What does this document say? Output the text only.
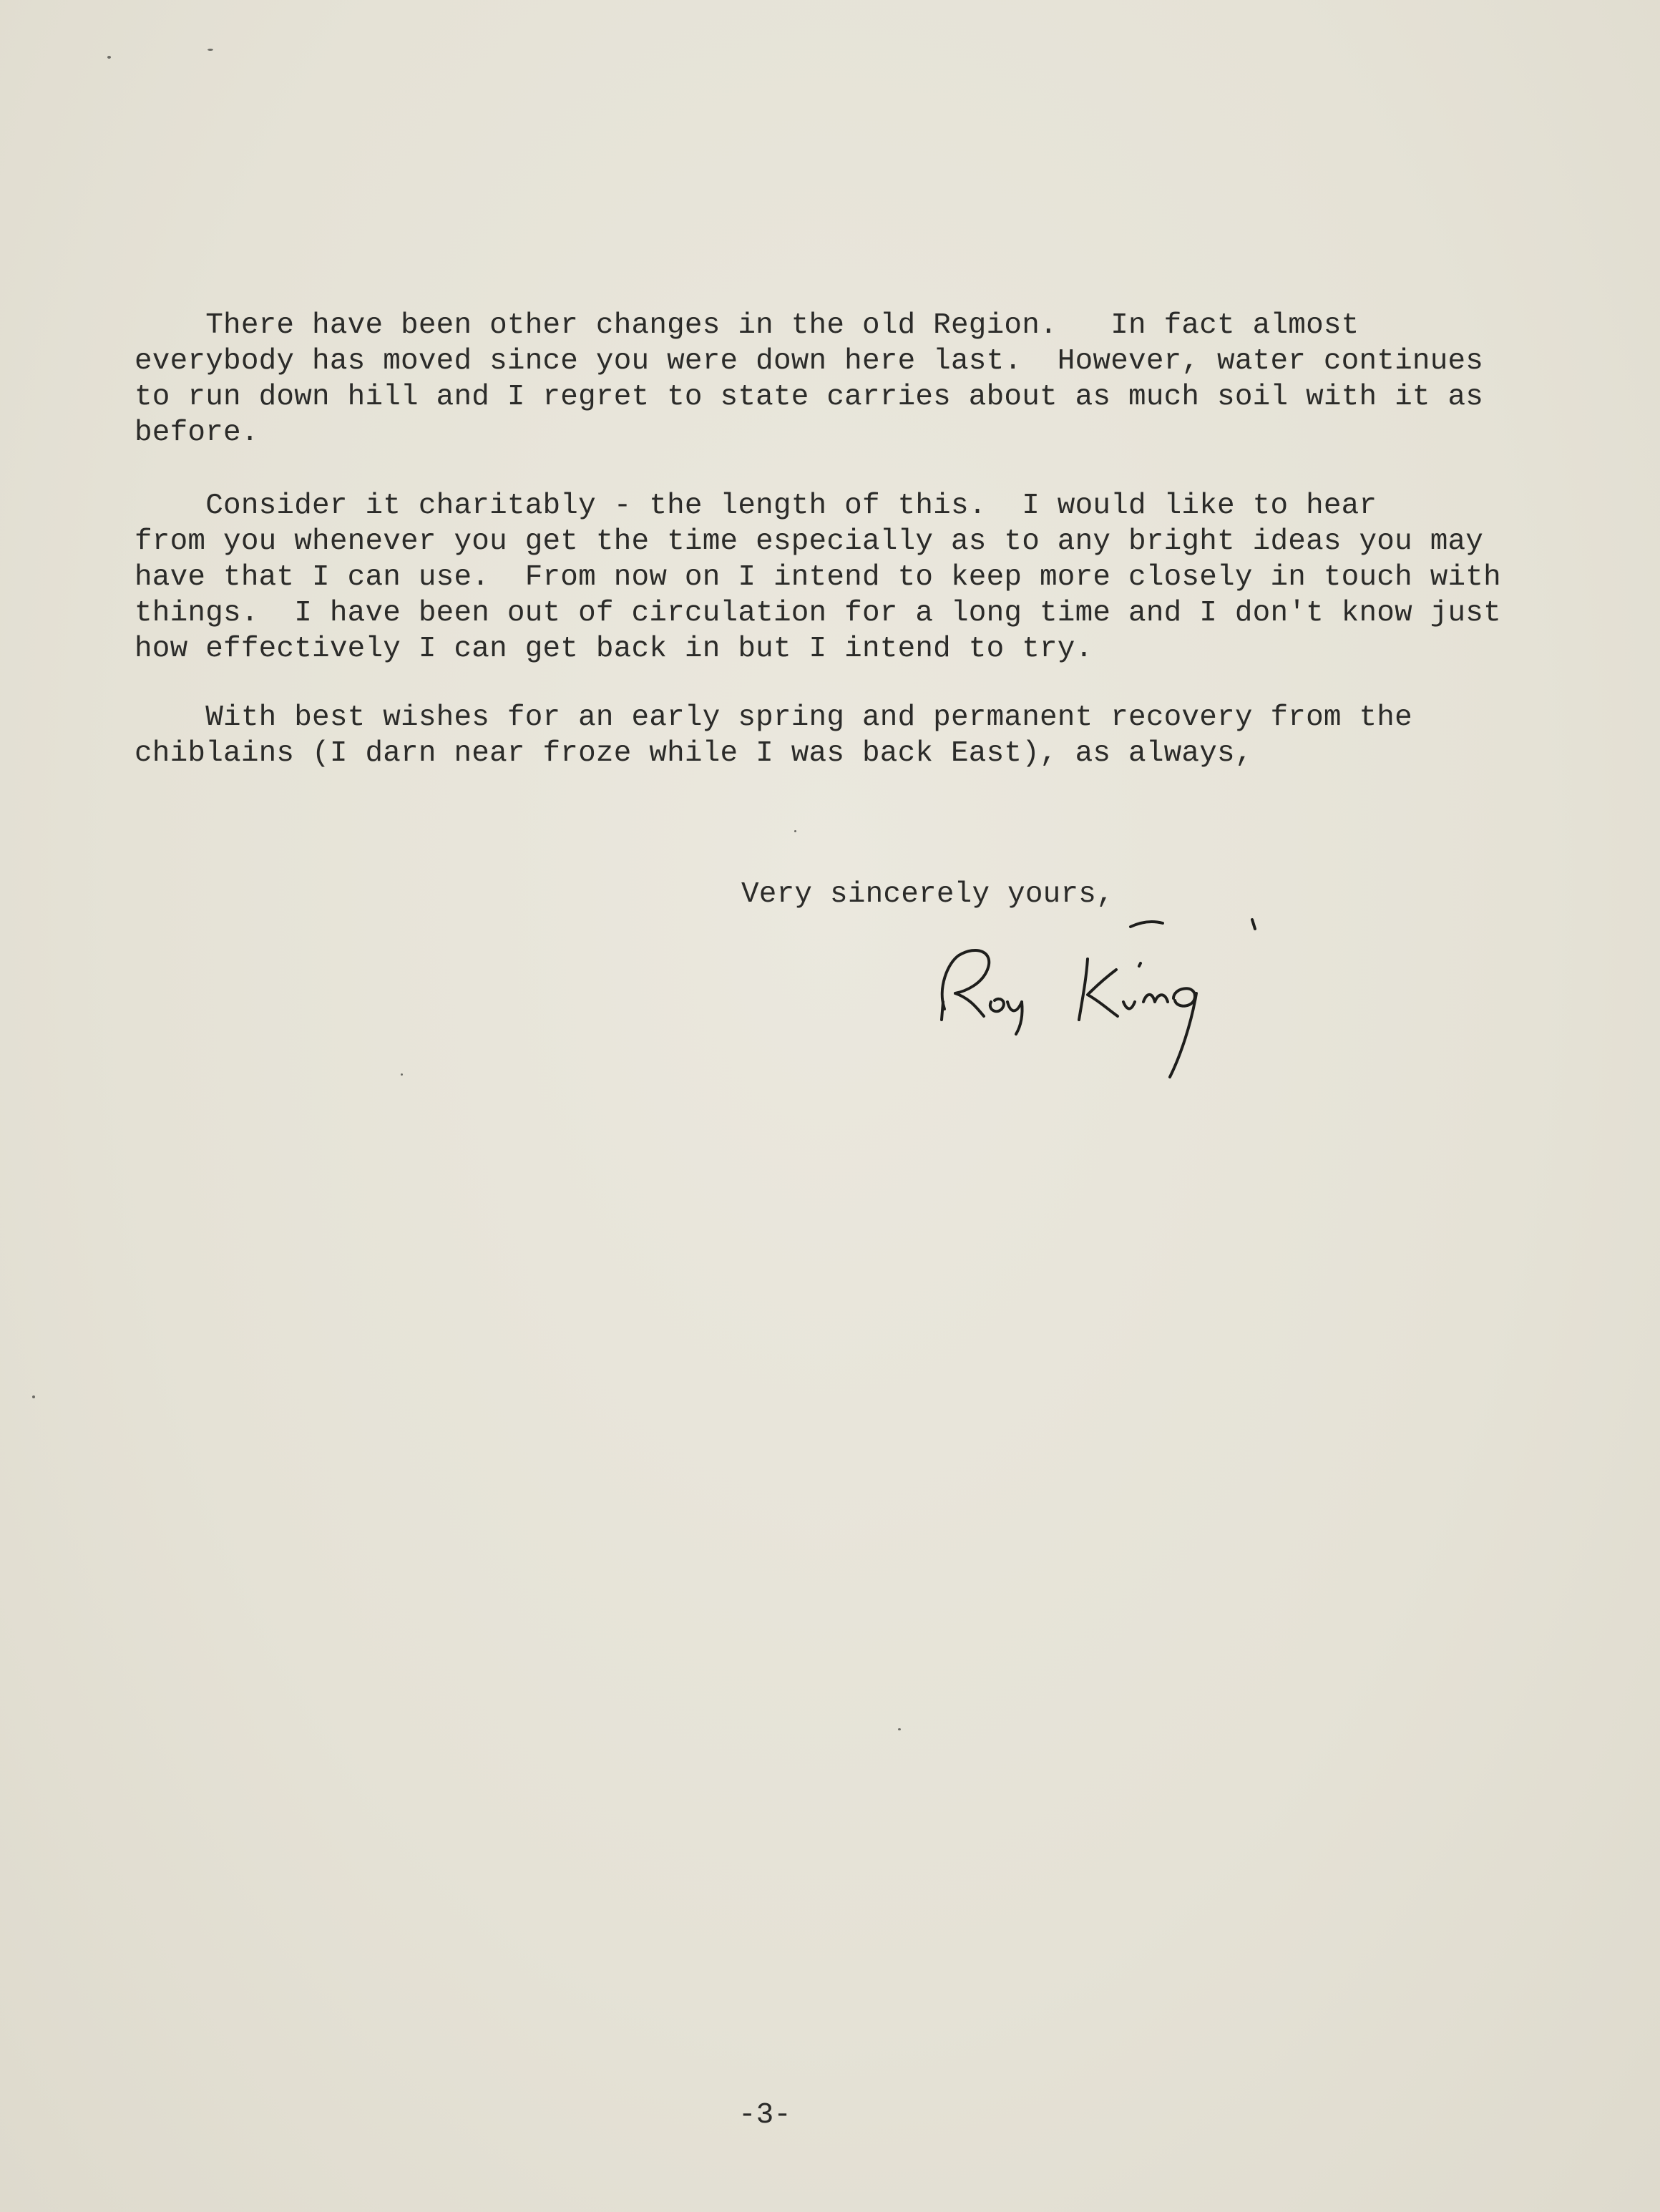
There have been other changes in the old Region.   In fact almost
everybody has moved since you were down here last.  However, water continues
to run down hill and I regret to state carries about as much soil with it as
before.

Consider it charitably - the length of this.  I would like to hear
from you whenever you get the time especially as to any bright ideas you may
have that I can use.  From now on I intend to keep more closely in touch with
things.  I have been out of circulation for a long time and I don't know just
how effectively I can get back in but I intend to try.

With best wishes for an early spring and permanent recovery from the
chiblains (I darn near froze while I was back East), as always,

Very sincerely yours,

-3-
